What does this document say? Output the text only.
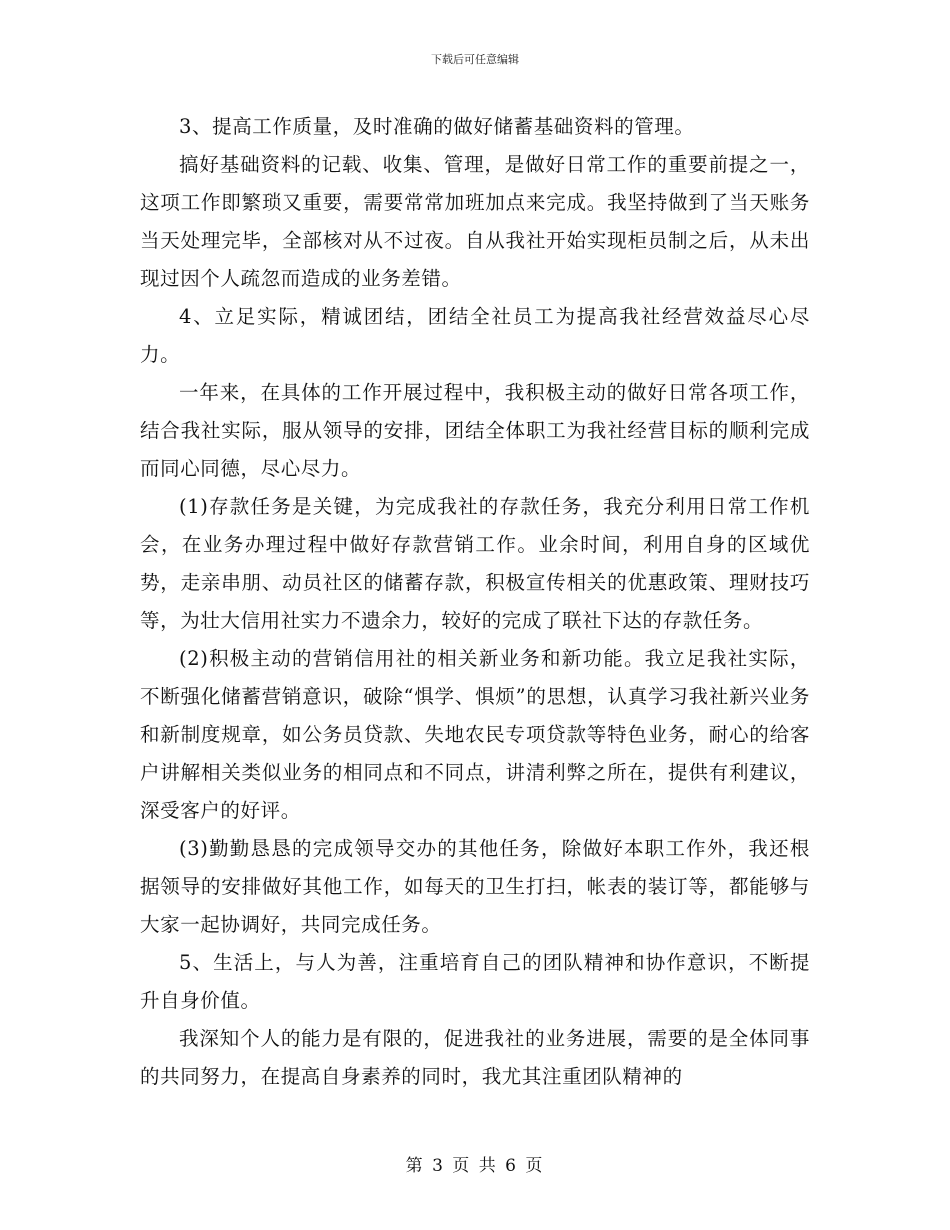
下载后可任意编辑

3、提高工作质量，及时准确的做好储蓄基础资料的管理。

搞好基础资料的记载、收集、管理，是做好日常工作的重要前提之一，这项工作即繁琐又重要，需要常常加班加点来完成。我坚持做到了当天账务当天处理完毕，全部核对从不过夜。自从我社开始实现柜员制之后，从未出现过因个人疏忽而造成的业务差错。

4、立足实际，精诚团结，团结全社员工为提高我社经营效益尽心尽力。

一年来，在具体的工作开展过程中，我积极主动的做好日常各项工作，结合我社实际，服从领导的安排，团结全体职工为我社经营目标的顺利完成而同心同德，尽心尽力。

(1)存款任务是关键，为完成我社的存款任务，我充分利用日常工作机会，在业务办理过程中做好存款营销工作。业余时间，利用自身的区域优势，走亲串朋、动员社区的储蓄存款，积极宣传相关的优惠政策、理财技巧等，为壮大信用社实力不遗余力，较好的完成了联社下达的存款任务。

(2)积极主动的营销信用社的相关新业务和新功能。我立足我社实际，不断强化储蓄营销意识，破除“惧学、惧烦”的思想，认真学习我社新兴业务和新制度规章，如公务员贷款、失地农民专项贷款等特色业务，耐心的给客户讲解相关类似业务的相同点和不同点，讲清利弊之所在，提供有利建议，深受客户的好评。

(3)勤勤恳恳的完成领导交办的其他任务，除做好本职工作外，我还根据领导的安排做好其他工作，如每天的卫生打扫，帐表的装订等，都能够与大家一起协调好，共同完成任务。

5、生活上，与人为善，注重培育自己的团队精神和协作意识，不断提升自身价值。

我深知个人的能力是有限的，促进我社的业务进展，需要的是全体同事的共同努力，在提高自身素养的同时，我尤其注重团队精神的

第 3 页 共 6 页
